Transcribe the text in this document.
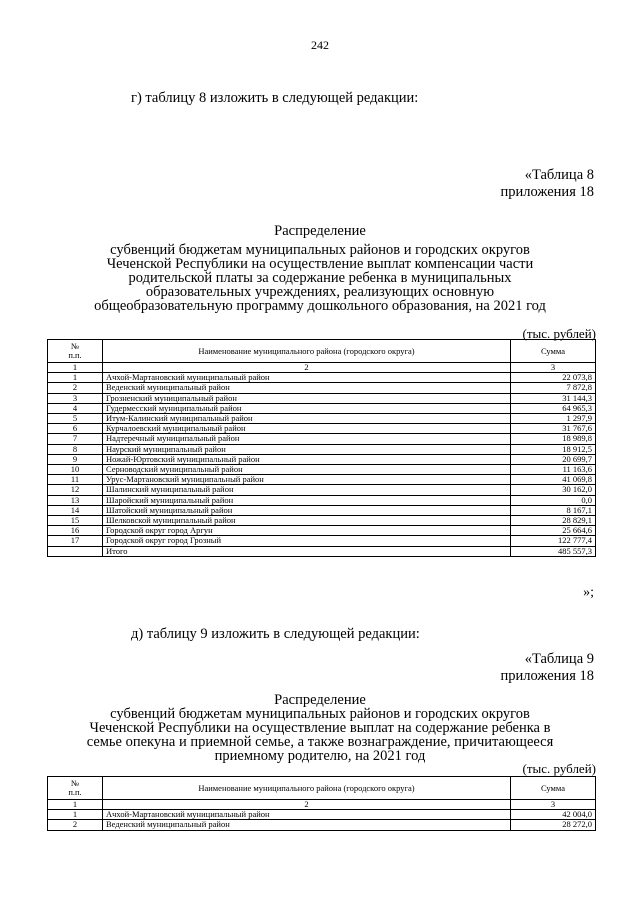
242
г) таблицу 8 изложить в следующей редакции:
«Таблица 8
приложения 18
Распределение
субвенций бюджетам муниципальных районов и городских округов
Чеченской Республики на осуществление выплат компенсации части
родительской платы за содержание ребенка в муниципальных
образовательных учреждениях, реализующих основную
общеобразовательную программу дошкольного образования, на 2021 год
(тыс. рублей)
№
п.п.	Наименование муниципального района (городского округа)	Сумма
1	2	3
1	Ачхой-Мартановский муниципальный район	22 073,8
2	Веденский муниципальный район	7 872,8
3	Грозненский муниципальный район	31 144,3
4	Гудермесский муниципальный район	64 965,3
5	Итум-Калинский муниципальный район	1 297,9
6	Курчалоевский муниципальный район	31 767,6
7	Надтеречный муниципальный район	18 989,8
8	Наурский муниципальный район	18 912,5
9	Ножай-Юртовский муниципальный район	20 699,7
10	Серноводский муниципальный район	11 163,6
11	Урус-Мартановский муниципальный район	41 069,8
12	Шалинский муниципальный район	30 162,0
13	Шаройский муниципальный район	0,0
14	Шатойский муниципальный район	8 167,1
15	Шелковской муниципальный район	28 829,1
16	Городской округ город Аргун	25 664,6
17	Городской округ город Грозный	122 777,4
	Итого	485 557,3
»;
д) таблицу 9 изложить в следующей редакции:
«Таблица 9
приложения 18
Распределение
субвенций бюджетам муниципальных районов и городских округов
Чеченской Республики на осуществление выплат на содержание ребенка в
семье опекуна и приемной семье, а также вознаграждение, причитающееся
приемному родителю, на 2021 год
(тыс. рублей)
№
п.п.	Наименование муниципального района (городского округа)	Сумма
1	2	3
1	Ачхой-Мартановский муниципальный район	42 004,0
2	Веденский муниципальный район	28 272,0
